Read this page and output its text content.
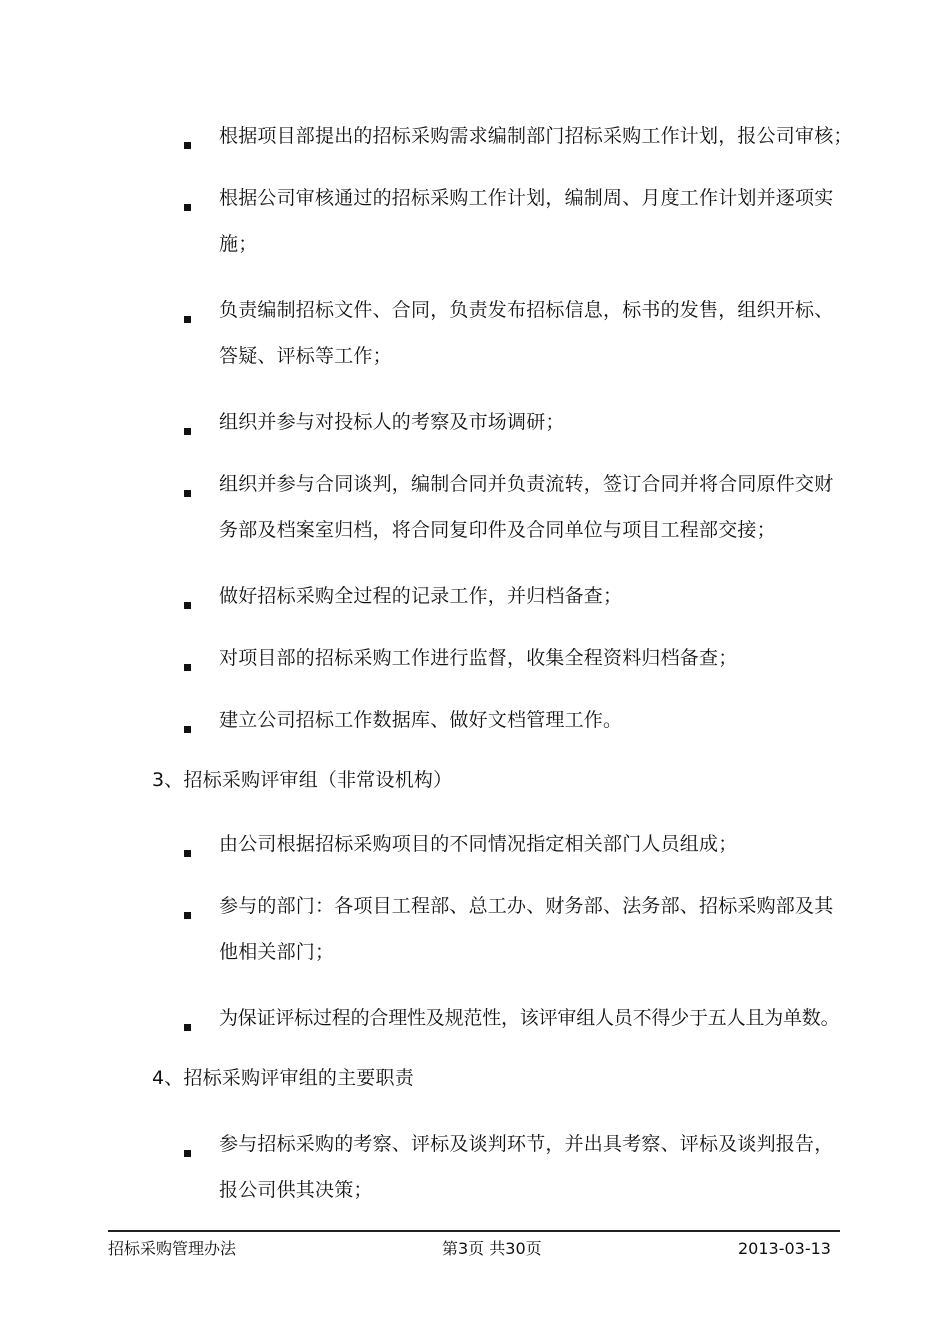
根据项目部提出的招标采购需求编制部门招标采购工作计划，报公司审核；
根据公司审核通过的招标采购工作计划，编制周、月度工作计划并逐项实
施；
负责编制招标文件、合同，负责发布招标信息，标书的发售，组织开标、
答疑、评标等工作；
组织并参与对投标人的考察及市场调研；
组织并参与合同谈判，编制合同并负责流转，签订合同并将合同原件交财
务部及档案室归档，将合同复印件及合同单位与项目工程部交接；
做好招标采购全过程的记录工作，并归档备查；
对项目部的招标采购工作进行监督，收集全程资料归档备查；
建立公司招标工作数据库、做好文档管理工作。
3、招标采购评审组（非常设机构）
由公司根据招标采购项目的不同情况指定相关部门人员组成；
参与的部门：各项目工程部、总工办、财务部、法务部、招标采购部及其
他相关部门；
为保证评标过程的合理性及规范性，该评审组人员不得少于五人且为单数。
4、招标采购评审组的主要职责
参与招标采购的考察、评标及谈判环节，并出具考察、评标及谈判报告，
报公司供其决策；
招标采购管理办法	第3页 共30页	2013-03-13
